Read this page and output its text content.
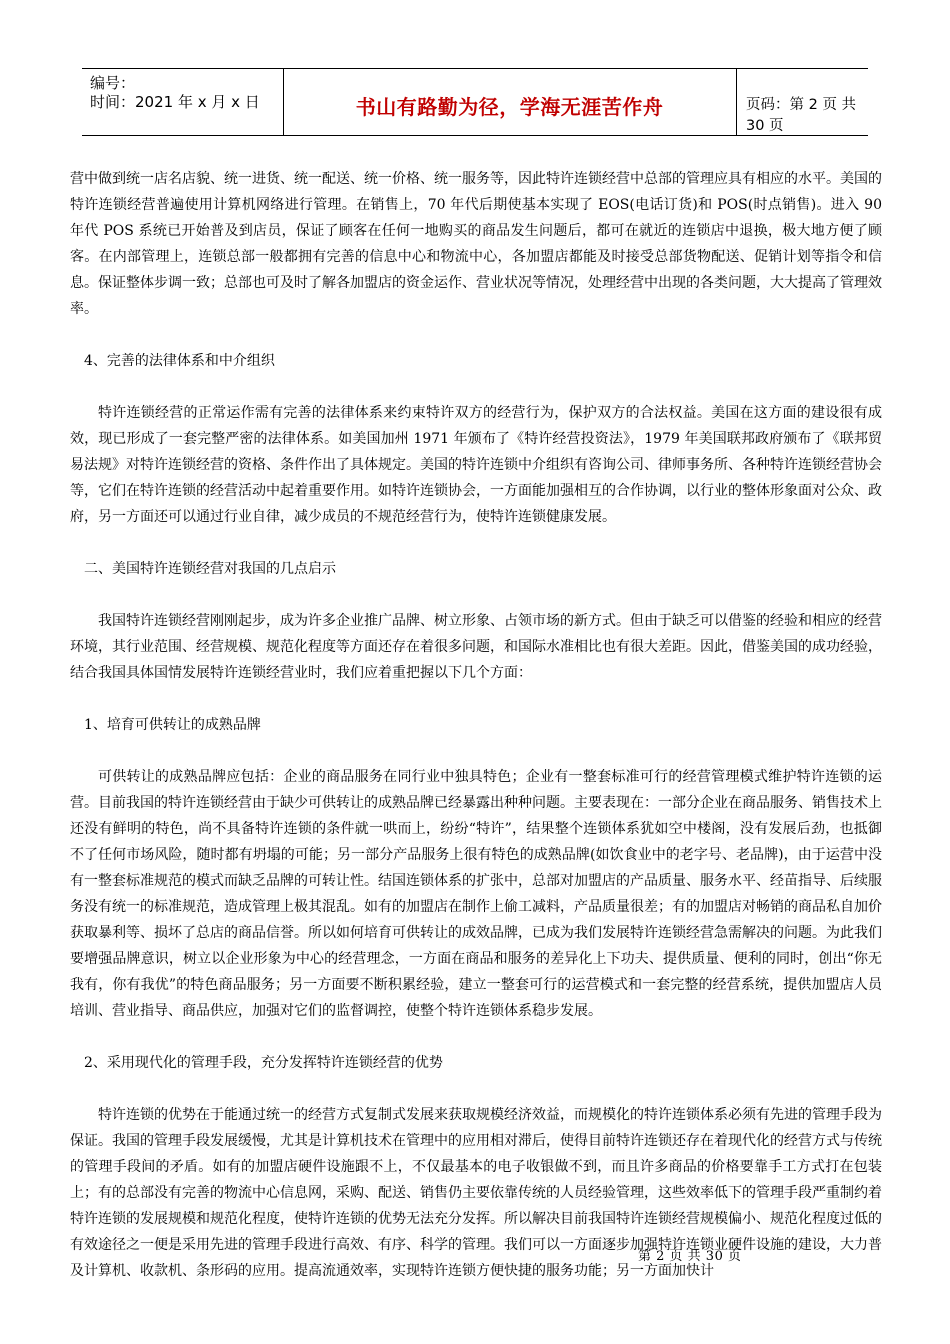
编号：
时间：2021 年 x 月 x 日	书山有路勤为径，学海无涯苦作舟	页码：第 2 页 共 30 页

营中做到统一店名店貌、统一进货、统一配送、统一价格、统一服务等，因此特许连锁经营中总部的管理应具有相应的水平。美国的特许连锁经营普遍使用计算机网络进行管理。在销售上，70 年代后期使基本实现了 EOS(电话订货)和 POS(时点销售)。进入 90 年代 POS 系统已开始普及到店员，保证了顾客在任何一地购买的商品发生问题后，都可在就近的连锁店中退换，极大地方便了顾客。在内部管理上，连锁总部一般都拥有完善的信息中心和物流中心，各加盟店都能及时接受总部货物配送、促销计划等指令和信息。保证整体步调一致；总部也可及时了解各加盟店的资金运作、营业状况等情况，处理经营中出现的各类问题，大大提高了管理效率。

4、完善的法律体系和中介组织

特许连锁经营的正常运作需有完善的法律体系来约束特许双方的经营行为，保护双方的合法权益。美国在这方面的建设很有成效，现已形成了一套完整严密的法律体系。如美国加州 1971 年颁布了《特许经营投资法》，1979 年美国联邦政府颁布了《联邦贸易法规》对特许连锁经营的资格、条件作出了具体规定。美国的特许连锁中介组织有咨询公司、律师事务所、各种特许连锁经营协会等，它们在特许连锁的经营活动中起着重要作用。如特许连锁协会，一方面能加强相互的合作协调，以行业的整体形象面对公众、政府，另一方面还可以通过行业自律，减少成员的不规范经营行为，使特许连锁健康发展。

二、美国特许连锁经营对我国的几点启示

我国特许连锁经营刚刚起步，成为许多企业推广品牌、树立形象、占领市场的新方式。但由于缺乏可以借鉴的经验和相应的经营环境，其行业范围、经营规模、规范化程度等方面还存在着很多问题，和国际水准相比也有很大差距。因此，借鉴美国的成功经验，结合我国具体国情发展特许连锁经营业时，我们应着重把握以下几个方面：

1、培育可供转让的成熟品牌

可供转让的成熟品牌应包括：企业的商品服务在同行业中独具特色；企业有一整套标准可行的经营管理模式维护特许连锁的运营。目前我国的特许连锁经营由于缺少可供转让的成熟品牌已经暴露出种种问题。主要表现在：一部分企业在商品服务、销售技术上还没有鲜明的特色，尚不具备特许连锁的条件就一哄而上，纷纷“特许”，结果整个连锁体系犹如空中楼阁，没有发展后劲，也抵御不了任何市场风险，随时都有坍塌的可能；另一部分产品服务上很有特色的成熟品牌(如饮食业中的老字号、老品牌)，由于运营中没有一整套标准规范的模式而缺乏品牌的可转让性。结国连锁体系的扩张中，总部对加盟店的产品质量、服务水平、经苗指导、后续服务没有统一的标准规范，造成管理上极其混乱。如有的加盟店在制作上偷工减料，产品质量很差；有的加盟店对畅销的商品私自加价获取暴利等、损坏了总店的商品信誉。所以如何培育可供转让的成效品牌，已成为我们发展特许连锁经营急需解决的问题。为此我们要增强品牌意识，树立以企业形象为中心的经营理念，一方面在商品和服务的差异化上下功夫、提供质量、便利的同时，创出“你无我有，你有我优”的特色商品服务；另一方面要不断积累经验，建立一整套可行的运营模式和一套完整的经营系统，提供加盟店人员培训、营业指导、商品供应，加强对它们的监督调控，使整个特许连锁体系稳步发展。

2、采用现代化的管理手段，充分发挥特许连锁经营的优势

特许连锁的优势在于能通过统一的经营方式复制式发展来获取规模经济效益，而规模化的特许连锁体系必须有先进的管理手段为保证。我国的管理手段发展缓慢，尤其是计算机技术在管理中的应用相对滞后，使得目前特许连锁还存在着现代化的经营方式与传统的管理手段间的矛盾。如有的加盟店硬件设施跟不上，不仅最基本的电子收银做不到，而且许多商品的价格要靠手工方式打在包装上；有的总部没有完善的物流中心信息网，采购、配送、销售仍主要依靠传统的人员经验管理，这些效率低下的管理手段严重制约着特许连锁的发展规模和规范化程度，使特许连锁的优势无法充分发挥。所以解决目前我国特许连锁经营规模偏小、规范化程度过低的有效途径之一便是采用先进的管理手段进行高效、有序、科学的管理。我们可以一方面逐步加强特许连锁业硬件设施的建设，大力普及计算机、收款机、条形码的应用。提高流通效率，实现特许连锁方便快捷的服务功能；另一方面加快计

第 2 页 共 30 页
